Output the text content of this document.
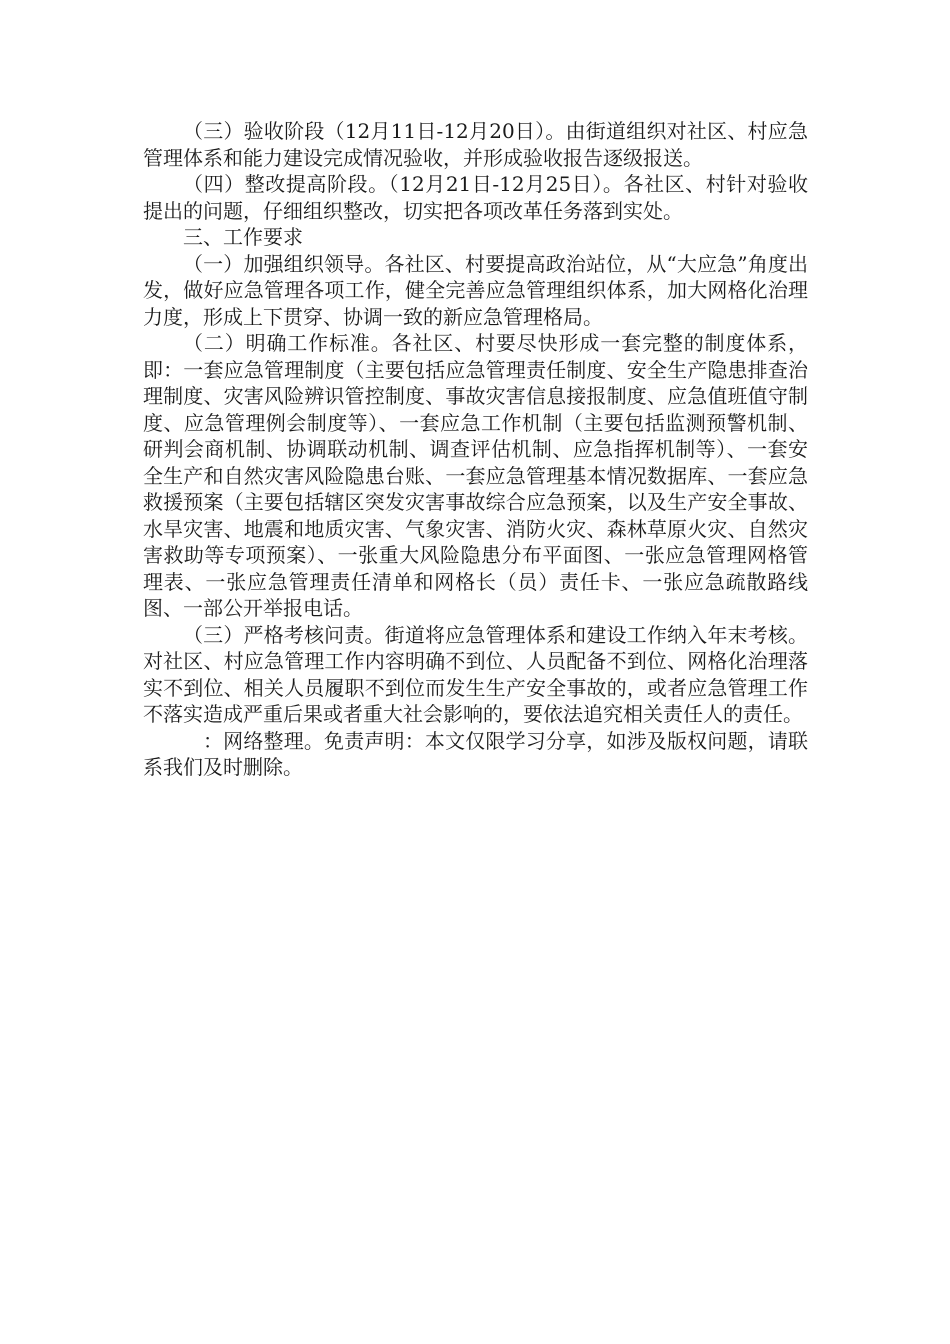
（三）验收阶段（12月11日-12月20日）。由街道组织对社区、村应急管理体系和能力建设完成情况验收，并形成验收报告逐级报送。

（四）整改提高阶段。（12月21日-12月25日）。各社区、村针对验收提出的问题，仔细组织整改，切实把各项改革任务落到实处。

三、工作要求

（一）加强组织领导。各社区、村要提高政治站位，从“大应急”角度出发，做好应急管理各项工作，健全完善应急管理组织体系，加大网格化治理力度，形成上下贯穿、协调一致的新应急管理格局。

（二）明确工作标准。各社区、村要尽快形成一套完整的制度体系，即：一套应急管理制度（主要包括应急管理责任制度、安全生产隐患排查治理制度、灾害风险辨识管控制度、事故灾害信息接报制度、应急值班值守制度、应急管理例会制度等）、一套应急工作机制（主要包括监测预警机制、研判会商机制、协调联动机制、调查评估机制、应急指挥机制等）、一套安全生产和自然灾害风险隐患台账、一套应急管理基本情况数据库、一套应急救援预案（主要包括辖区突发灾害事故综合应急预案，以及生产安全事故、水旱灾害、地震和地质灾害、气象灾害、消防火灾、森林草原火灾、自然灾害救助等专项预案）、一张重大风险隐患分布平面图、一张应急管理网格管理表、一张应急管理责任清单和网格长（员）责任卡、一张应急疏散路线图、一部公开举报电话。

（三）严格考核问责。街道将应急管理体系和建设工作纳入年末考核。对社区、村应急管理工作内容明确不到位、人员配备不到位、网格化治理落实不到位、相关人员履职不到位而发生生产安全事故的，或者应急管理工作不落实造成严重后果或者重大社会影响的，要依法追究相关责任人的责任。

：网络整理。免责声明：本文仅限学习分享，如涉及版权问题，请联系我们及时删除。
